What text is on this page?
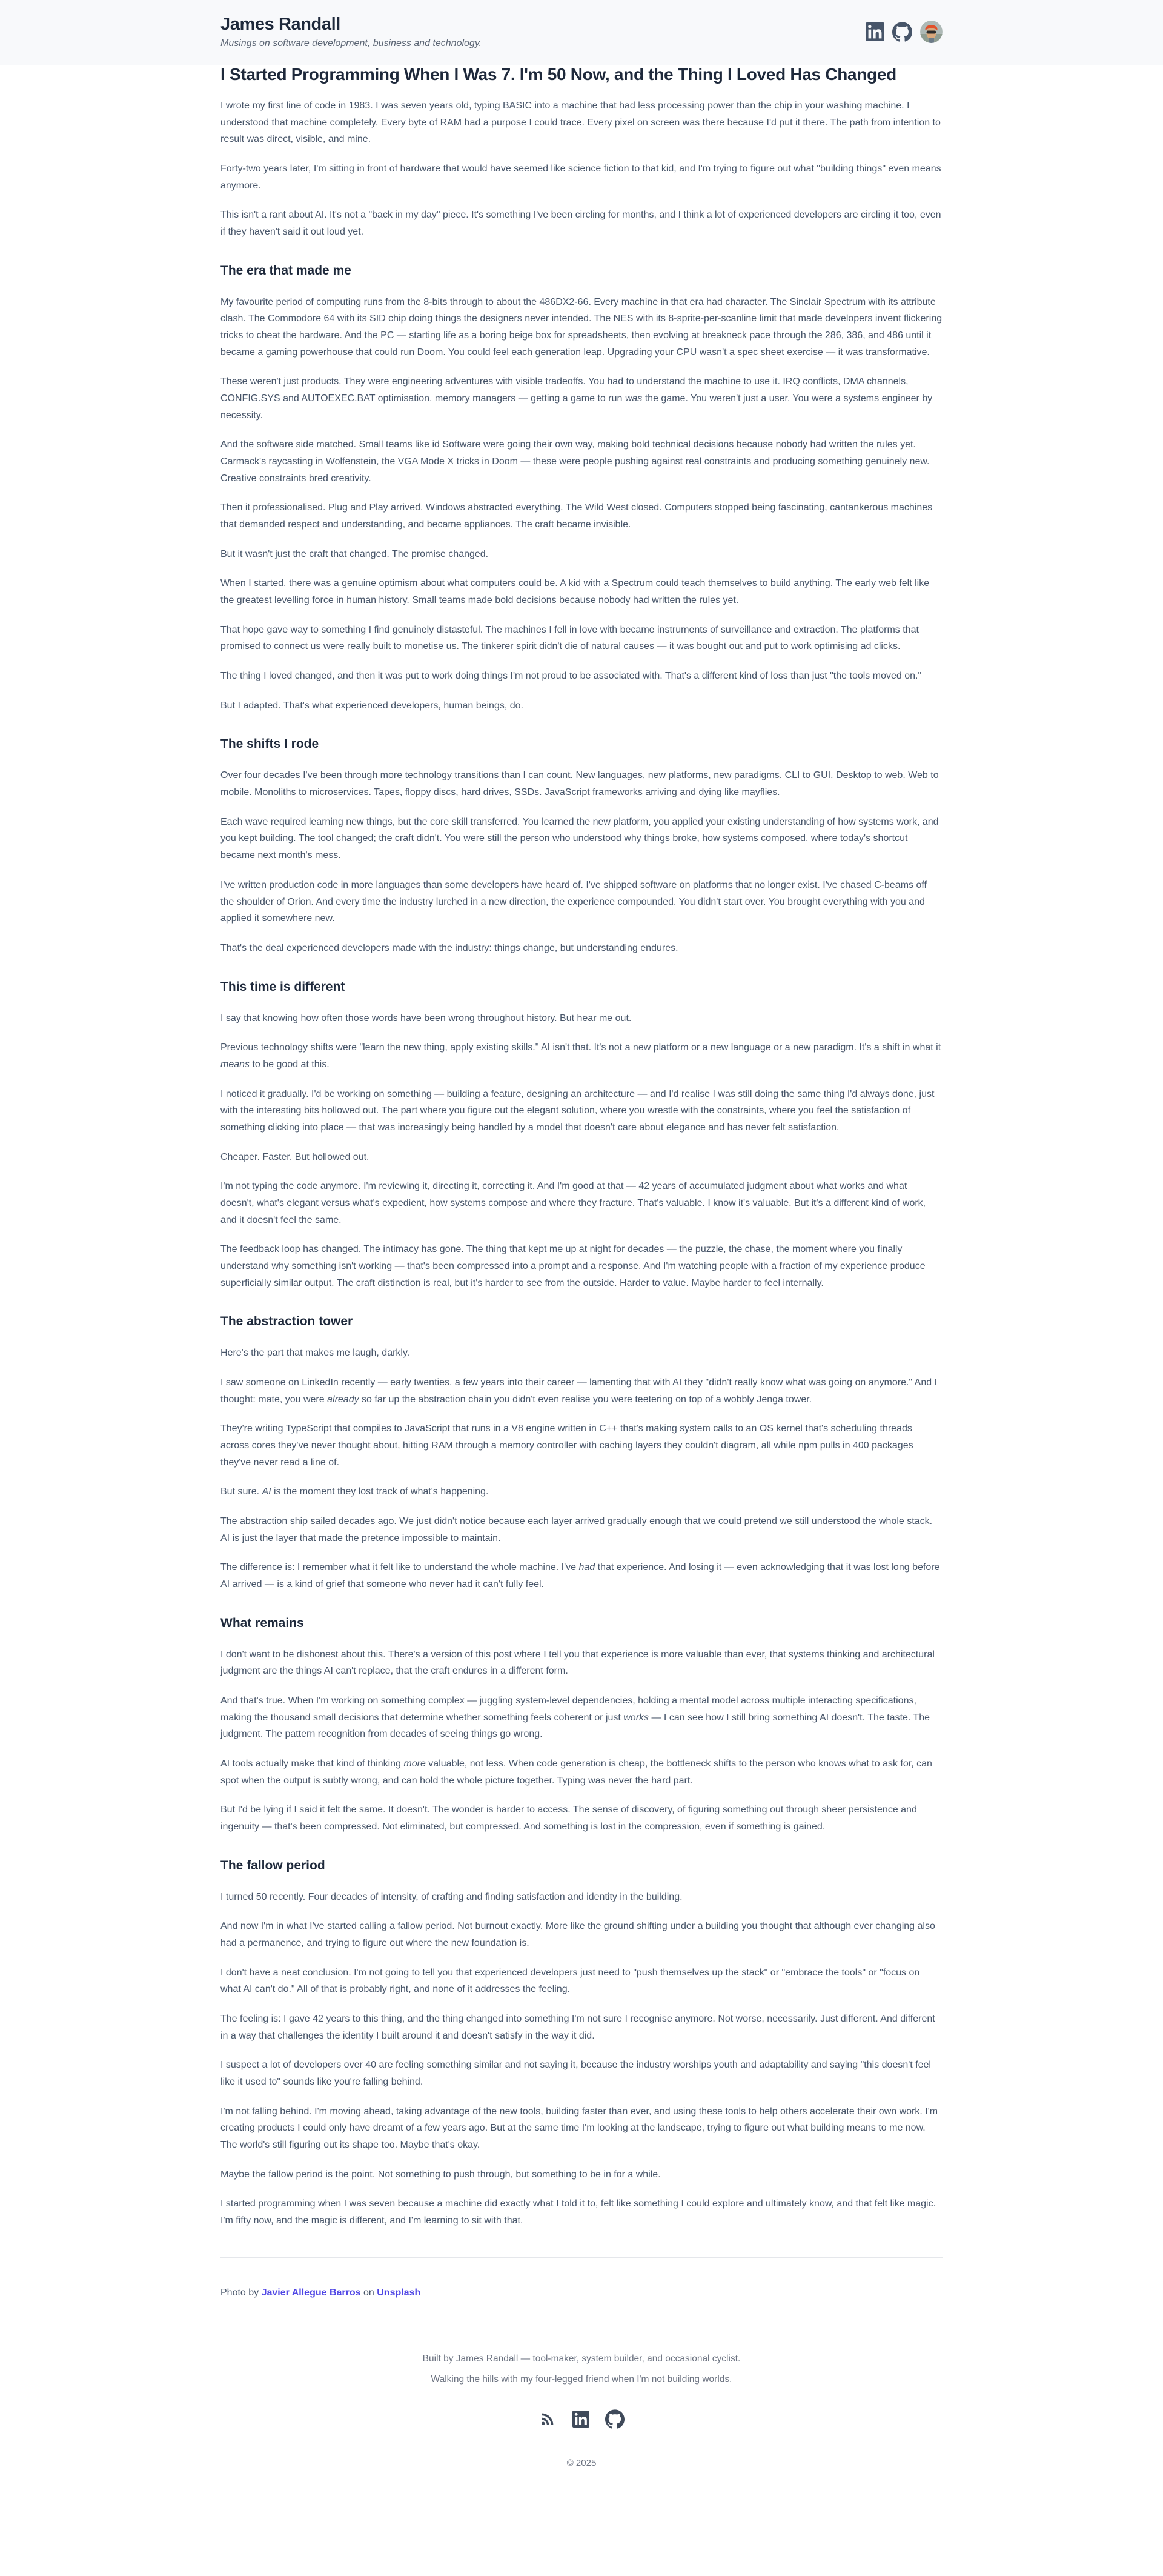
James Randall

Musings on software development, business and technology.

I Started Programming When I Was 7. I'm 50 Now, and the Thing I Loved Has Changed

I wrote my first line of code in 1983. I was seven years old, typing BASIC into a machine that had less processing power than the chip in your washing machine. I understood that machine completely. Every byte of RAM had a purpose I could trace. Every pixel on screen was there because I'd put it there. The path from intention to result was direct, visible, and mine.

Forty-two years later, I'm sitting in front of hardware that would have seemed like science fiction to that kid, and I'm trying to figure out what "building things" even means anymore.

This isn't a rant about AI. It's not a "back in my day" piece. It's something I've been circling for months, and I think a lot of experienced developers are circling it too, even if they haven't said it out loud yet.

The era that made me

My favourite period of computing runs from the 8-bits through to about the 486DX2-66. Every machine in that era had character. The Sinclair Spectrum with its attribute clash. The Commodore 64 with its SID chip doing things the designers never intended. The NES with its 8-sprite-per-scanline limit that made developers invent flickering tricks to cheat the hardware. And the PC — starting life as a boring beige box for spreadsheets, then evolving at breakneck pace through the 286, 386, and 486 until it became a gaming powerhouse that could run Doom. You could feel each generation leap. Upgrading your CPU wasn't a spec sheet exercise — it was transformative.

These weren't just products. They were engineering adventures with visible tradeoffs. You had to understand the machine to use it. IRQ conflicts, DMA channels, CONFIG.SYS and AUTOEXEC.BAT optimisation, memory managers — getting a game to run was the game. You weren't just a user. You were a systems engineer by necessity.

And the software side matched. Small teams like id Software were going their own way, making bold technical decisions because nobody had written the rules yet. Carmack's raycasting in Wolfenstein, the VGA Mode X tricks in Doom — these were people pushing against real constraints and producing something genuinely new. Creative constraints bred creativity.

Then it professionalised. Plug and Play arrived. Windows abstracted everything. The Wild West closed. Computers stopped being fascinating, cantankerous machines that demanded respect and understanding, and became appliances. The craft became invisible.

But it wasn't just the craft that changed. The promise changed.

When I started, there was a genuine optimism about what computers could be. A kid with a Spectrum could teach themselves to build anything. The early web felt like the greatest levelling force in human history. Small teams made bold decisions because nobody had written the rules yet.

That hope gave way to something I find genuinely distasteful. The machines I fell in love with became instruments of surveillance and extraction. The platforms that promised to connect us were really built to monetise us. The tinkerer spirit didn't die of natural causes — it was bought out and put to work optimising ad clicks.

The thing I loved changed, and then it was put to work doing things I'm not proud to be associated with. That's a different kind of loss than just "the tools moved on."

But I adapted. That's what experienced developers, human beings, do.

The shifts I rode

Over four decades I've been through more technology transitions than I can count. New languages, new platforms, new paradigms. CLI to GUI. Desktop to web. Web to mobile. Monoliths to microservices. Tapes, floppy discs, hard drives, SSDs. JavaScript frameworks arriving and dying like mayflies.

Each wave required learning new things, but the core skill transferred. You learned the new platform, you applied your existing understanding of how systems work, and you kept building. The tool changed; the craft didn't. You were still the person who understood why things broke, how systems composed, where today's shortcut became next month's mess.

I've written production code in more languages than some developers have heard of. I've shipped software on platforms that no longer exist. I've chased C-beams off the shoulder of Orion. And every time the industry lurched in a new direction, the experience compounded. You didn't start over. You brought everything with you and applied it somewhere new.

That's the deal experienced developers made with the industry: things change, but understanding endures.

This time is different

I say that knowing how often those words have been wrong throughout history. But hear me out.

Previous technology shifts were "learn the new thing, apply existing skills." AI isn't that. It's not a new platform or a new language or a new paradigm. It's a shift in what it means to be good at this.

I noticed it gradually. I'd be working on something — building a feature, designing an architecture — and I'd realise I was still doing the same thing I'd always done, just with the interesting bits hollowed out. The part where you figure out the elegant solution, where you wrestle with the constraints, where you feel the satisfaction of something clicking into place — that was increasingly being handled by a model that doesn't care about elegance and has never felt satisfaction.

Cheaper. Faster. But hollowed out.

I'm not typing the code anymore. I'm reviewing it, directing it, correcting it. And I'm good at that — 42 years of accumulated judgment about what works and what doesn't, what's elegant versus what's expedient, how systems compose and where they fracture. That's valuable. I know it's valuable. But it's a different kind of work, and it doesn't feel the same.

The feedback loop has changed. The intimacy has gone. The thing that kept me up at night for decades — the puzzle, the chase, the moment where you finally understand why something isn't working — that's been compressed into a prompt and a response. And I'm watching people with a fraction of my experience produce superficially similar output. The craft distinction is real, but it's harder to see from the outside. Harder to value. Maybe harder to feel internally.

The abstraction tower

Here's the part that makes me laugh, darkly.

I saw someone on LinkedIn recently — early twenties, a few years into their career — lamenting that with AI they "didn't really know what was going on anymore." And I thought: mate, you were already so far up the abstraction chain you didn't even realise you were teetering on top of a wobbly Jenga tower.

They're writing TypeScript that compiles to JavaScript that runs in a V8 engine written in C++ that's making system calls to an OS kernel that's scheduling threads across cores they've never thought about, hitting RAM through a memory controller with caching layers they couldn't diagram, all while npm pulls in 400 packages they've never read a line of.

But sure. AI is the moment they lost track of what's happening.

The abstraction ship sailed decades ago. We just didn't notice because each layer arrived gradually enough that we could pretend we still understood the whole stack. AI is just the layer that made the pretence impossible to maintain.

The difference is: I remember what it felt like to understand the whole machine. I've had that experience. And losing it — even acknowledging that it was lost long before AI arrived — is a kind of grief that someone who never had it can't fully feel.

What remains

I don't want to be dishonest about this. There's a version of this post where I tell you that experience is more valuable than ever, that systems thinking and architectural judgment are the things AI can't replace, that the craft endures in a different form.

And that's true. When I'm working on something complex — juggling system-level dependencies, holding a mental model across multiple interacting specifications, making the thousand small decisions that determine whether something feels coherent or just works — I can see how I still bring something AI doesn't. The taste. The judgment. The pattern recognition from decades of seeing things go wrong.

AI tools actually make that kind of thinking more valuable, not less. When code generation is cheap, the bottleneck shifts to the person who knows what to ask for, can spot when the output is subtly wrong, and can hold the whole picture together. Typing was never the hard part.

But I'd be lying if I said it felt the same. It doesn't. The wonder is harder to access. The sense of discovery, of figuring something out through sheer persistence and ingenuity — that's been compressed. Not eliminated, but compressed. And something is lost in the compression, even if something is gained.

The fallow period

I turned 50 recently. Four decades of intensity, of crafting and finding satisfaction and identity in the building.

And now I'm in what I've started calling a fallow period. Not burnout exactly. More like the ground shifting under a building you thought that although ever changing also had a permanence, and trying to figure out where the new foundation is.

I don't have a neat conclusion. I'm not going to tell you that experienced developers just need to "push themselves up the stack" or "embrace the tools" or "focus on what AI can't do." All of that is probably right, and none of it addresses the feeling.

The feeling is: I gave 42 years to this thing, and the thing changed into something I'm not sure I recognise anymore. Not worse, necessarily. Just different. And different in a way that challenges the identity I built around it and doesn't satisfy in the way it did.

I suspect a lot of developers over 40 are feeling something similar and not saying it, because the industry worships youth and adaptability and saying "this doesn't feel like it used to" sounds like you're falling behind.

I'm not falling behind. I'm moving ahead, taking advantage of the new tools, building faster than ever, and using these tools to help others accelerate their own work. I'm creating products I could only have dreamt of a few years ago. But at the same time I'm looking at the landscape, trying to figure out what building means to me now. The world's still figuring out its shape too. Maybe that's okay.

Maybe the fallow period is the point. Not something to push through, but something to be in for a while.

I started programming when I was seven because a machine did exactly what I told it to, felt like something I could explore and ultimately know, and that felt like magic. I'm fifty now, and the magic is different, and I'm learning to sit with that.

Photo by Javier Allegue Barros on Unsplash

Built by James Randall — tool-maker, system builder, and occasional cyclist.

Walking the hills with my four-legged friend when I'm not building worlds.

© 2025
